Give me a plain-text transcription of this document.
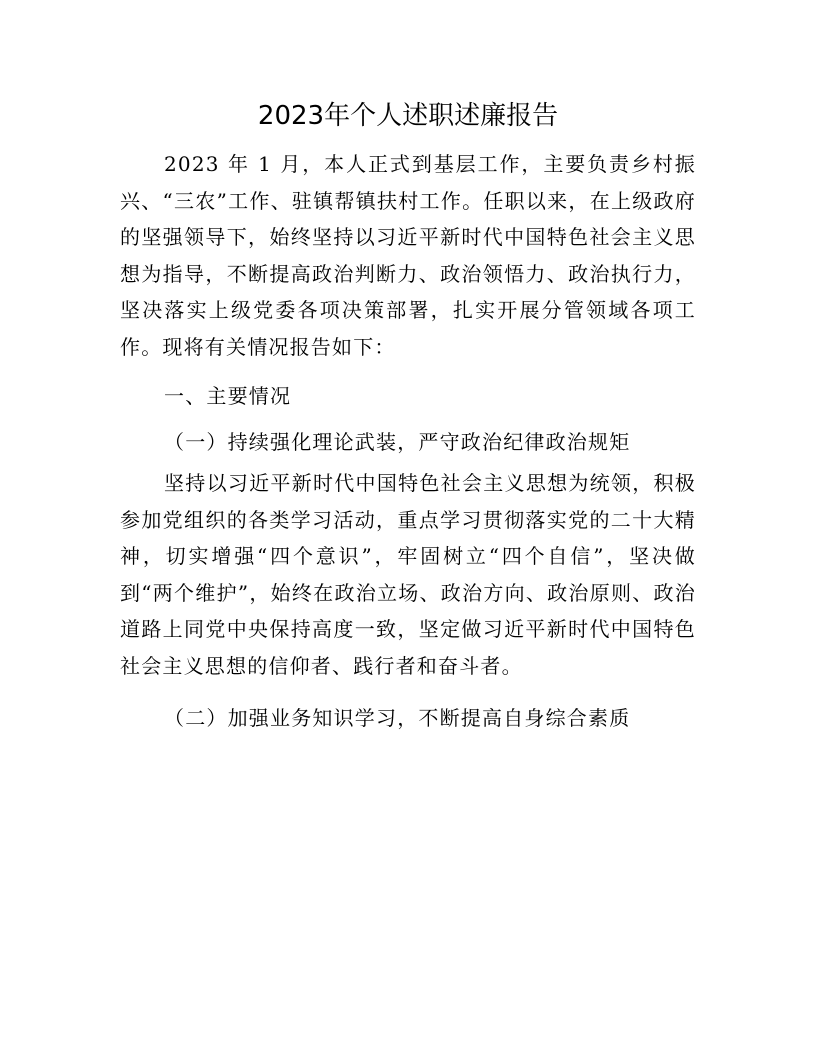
2023年个人述职述廉报告
2023 年 1 月，本人正式到基层工作，主要负责乡村振兴、“三农”工作、驻镇帮镇扶村工作。任职以来，在上级政府的坚强领导下，始终坚持以习近平新时代中国特色社会主义思想为指导，不断提高政治判断力、政治领悟力、政治执行力，坚决落实上级党委各项决策部署，扎实开展分管领域各项工作。现将有关情况报告如下：
一、主要情况
（一）持续强化理论武装，严守政治纪律政治规矩
坚持以习近平新时代中国特色社会主义思想为统领，积极参加党组织的各类学习活动，重点学习贯彻落实党的二十大精神，切实增强“四个意识”，牢固树立“四个自信”，坚决做到“两个维护”，始终在政治立场、政治方向、政治原则、政治道路上同党中央保持高度一致，坚定做习近平新时代中国特色社会主义思想的信仰者、践行者和奋斗者。
（二）加强业务知识学习，不断提高自身综合素质
